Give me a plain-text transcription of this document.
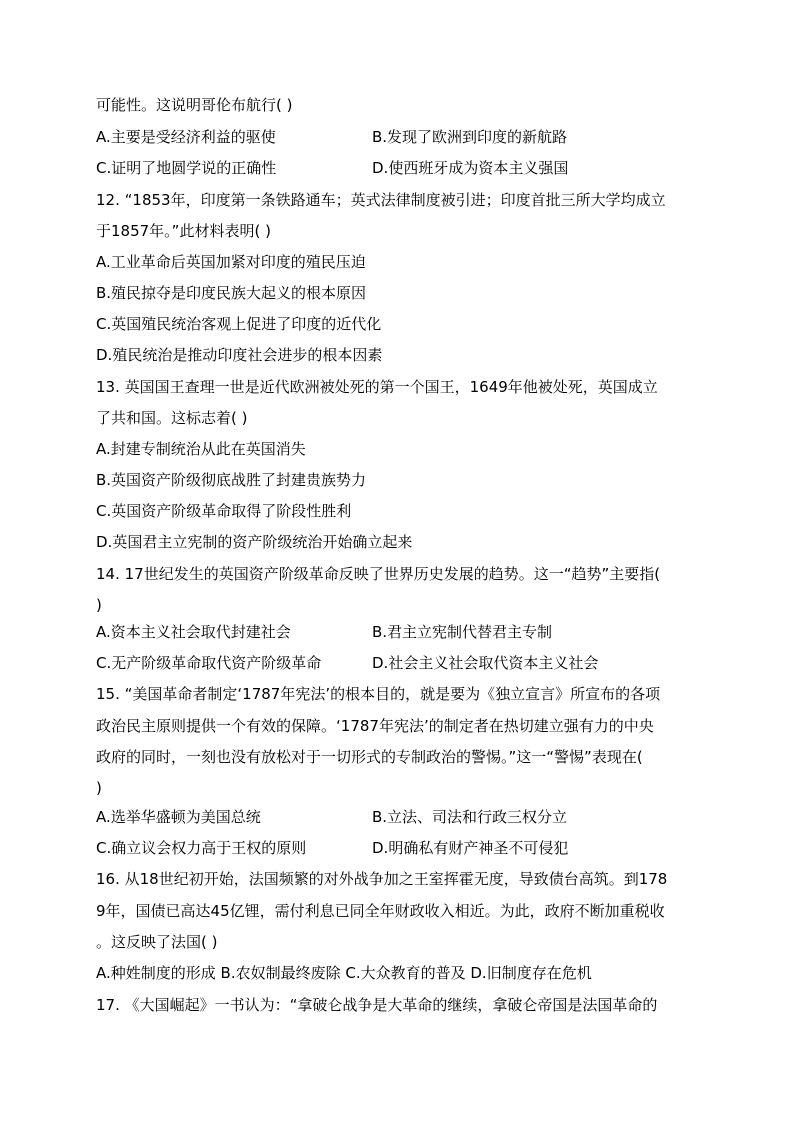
可能性。这说明哥伦布航行( )
A.主要是受经济利益的驱使	B.发现了欧洲到印度的新航路
C.证明了地圆学说的正确性	D.使西班牙成为资本主义强国
12. “1853年，印度第一条铁路通车；英式法律制度被引进；印度首批三所大学均成立
于1857年。”此材料表明( )
A.工业革命后英国加紧对印度的殖民压迫
B.殖民掠夺是印度民族大起义的根本原因
C.英国殖民统治客观上促进了印度的近代化
D.殖民统治是推动印度社会进步的根本因素
13. 英国国王查理一世是近代欧洲被处死的第一个国王，1649年他被处死，英国成立
了共和国。这标志着( )
A.封建专制统治从此在英国消失
B.英国资产阶级彻底战胜了封建贵族势力
C.英国资产阶级革命取得了阶段性胜利
D.英国君主立宪制的资产阶级统治开始确立起来
14. 17世纪发生的英国资产阶级革命反映了世界历史发展的趋势。这一“趋势”主要指(
)
A.资本主义社会取代封建社会	B.君主立宪制代替君主专制
C.无产阶级革命取代资产阶级革命	D.社会主义社会取代资本主义社会
15. “美国革命者制定‘1787年宪法’的根本目的，就是要为《独立宣言》所宣布的各项
政治民主原则提供一个有效的保障。‘1787年宪法’的制定者在热切建立强有力的中央
政府的同时，一刻也没有放松对于一切形式的专制政治的警惕。”这一“警惕”表现在(
)
A.选举华盛顿为美国总统	B.立法、司法和行政三权分立
C.确立议会权力高于王权的原则	D.明确私有财产神圣不可侵犯
16. 从18世纪初开始，法国频繁的对外战争加之王室挥霍无度，导致债台高筑。到178
9年，国债已高达45亿锂，需付利息已同全年财政收入相近。为此，政府不断加重税收
。这反映了法国( )
A.种姓制度的形成 B.农奴制最终废除 C.大众教育的普及 D.旧制度存在危机
17. 《大国崛起》一书认为：“拿破仑战争是大革命的继续，拿破仑帝国是法国革命的
